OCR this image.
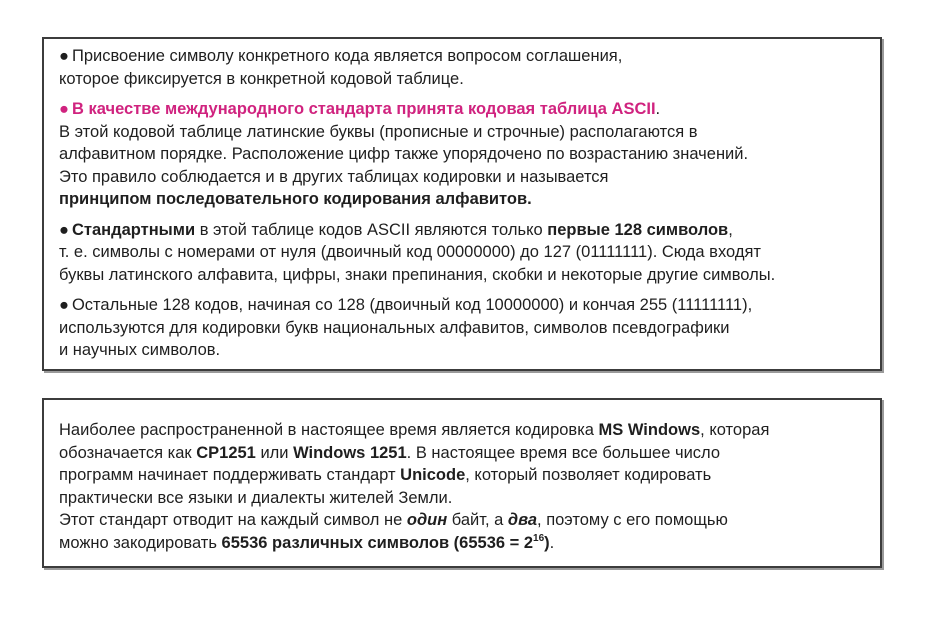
● Присвоение символу конкретного кода является вопросом соглашения,
которое фиксируется в конкретной кодовой таблице.

● В качестве международного стандарта принята кодовая таблица ASCII.
В этой кодовой таблице латинские буквы (прописные и строчные) располагаются в
алфавитном порядке. Расположение цифр также упорядочено по возрастанию значений.
Это правило соблюдается и в других таблицах кодировки и называется
принципом последовательного кодирования алфавитов.

● Стандартными в этой таблице кодов ASCII являются только первые 128 символов,
т. е. символы с номерами от нуля (двоичный код 00000000) до 127 (01111111). Сюда входят
буквы латинского алфавита, цифры, знаки препинания, скобки и некоторые другие символы.

● Остальные 128 кодов, начиная со 128 (двоичный код 10000000) и кончая 255 (11111111),
используются для кодировки букв национальных алфавитов, символов псевдографики
и научных символов.

Наиболее распространенной в настоящее время является кодировка MS Windows, которая
обозначается как CP1251 или Windows 1251. В настоящее время все большее число
программ начинает поддерживать стандарт Unicode, который позволяет кодировать
практически все языки и диалекты жителей Земли.
Этот стандарт отводит на каждый символ не один байт, а два, поэтому с его помощью
можно закодировать 65536 различных символов $(65536 = 2^{16})$.
